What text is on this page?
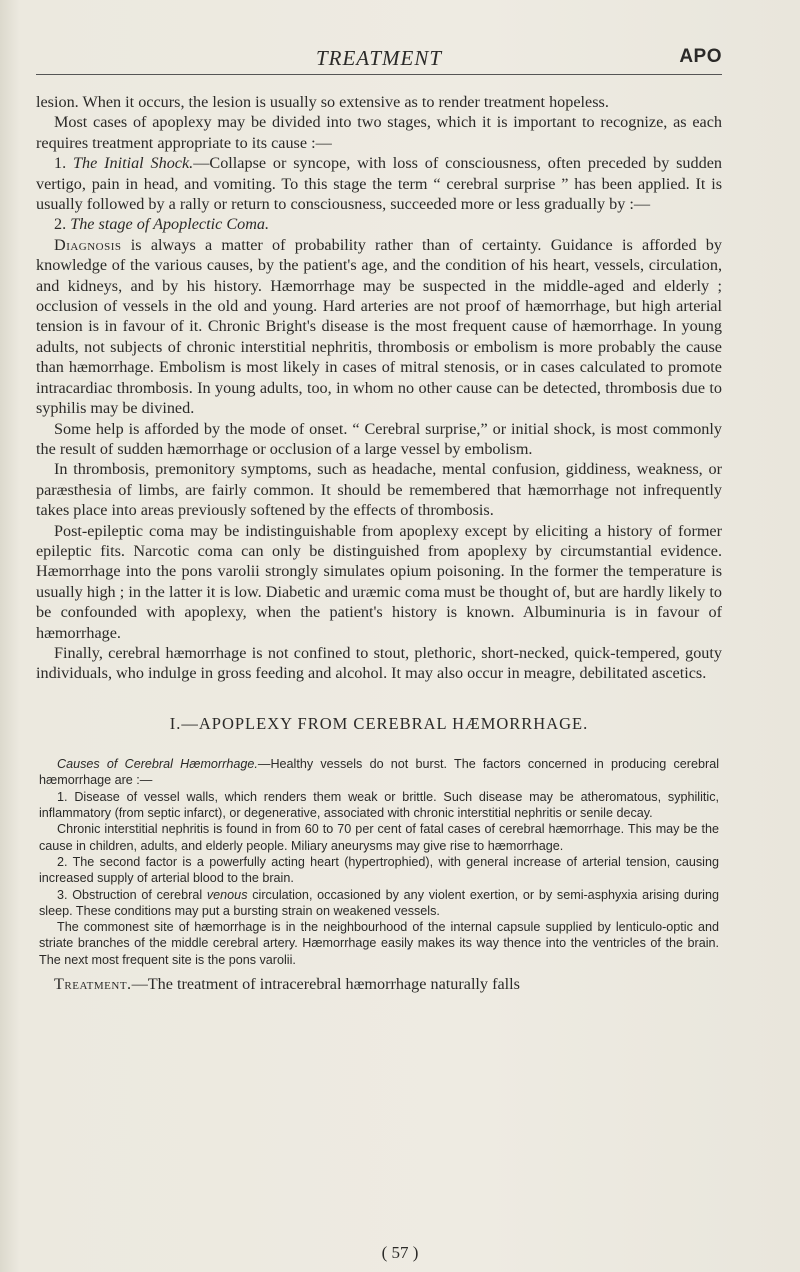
TREATMENT	APO

lesion. When it occurs, the lesion is usually so extensive as to render treatment hopeless.

Most cases of apoplexy may be divided into two stages, which it is important to recognize, as each requires treatment appropriate to its cause :—

1. The Initial Shock.—Collapse or syncope, with loss of consciousness, often preceded by sudden vertigo, pain in head, and vomiting. To this stage the term “ cerebral surprise ” has been applied. It is usually followed by a rally or return to consciousness, succeeded more or less gradually by :—

2. The stage of Apoplectic Coma.

Diagnosis is always a matter of probability rather than of certainty. Guidance is afforded by knowledge of the various causes, by the patient's age, and the condition of his heart, vessels, circulation, and kidneys, and by his history. Hæmorrhage may be suspected in the middle-aged and elderly ; occlusion of vessels in the old and young. Hard arteries are not proof of hæmorrhage, but high arterial tension is in favour of it. Chronic Bright's disease is the most frequent cause of hæmorrhage. In young adults, not subjects of chronic interstitial nephritis, thrombosis or embolism is more probably the cause than hæmorrhage. Embolism is most likely in cases of mitral stenosis, or in cases calculated to promote intracardiac thrombosis. In young adults, too, in whom no other cause can be detected, thrombosis due to syphilis may be divined.

Some help is afforded by the mode of onset. “ Cerebral surprise,” or initial shock, is most commonly the result of sudden hæmorrhage or occlusion of a large vessel by embolism.

In thrombosis, premonitory symptoms, such as headache, mental confusion, giddiness, weakness, or paræsthesia of limbs, are fairly common. It should be remembered that hæmorrhage not infrequently takes place into areas previously softened by the effects of thrombosis.

Post-epileptic coma may be indistinguishable from apoplexy except by eliciting a history of former epileptic fits. Narcotic coma can only be distinguished from apoplexy by circumstantial evidence. Hæmorrhage into the pons varolii strongly simulates opium poisoning. In the former the temperature is usually high ; in the latter it is low. Diabetic and uræmic coma must be thought of, but are hardly likely to be confounded with apoplexy, when the patient's history is known. Albuminuria is in favour of hæmorrhage.

Finally, cerebral hæmorrhage is not confined to stout, plethoric, short-necked, quick-tempered, gouty individuals, who indulge in gross feeding and alcohol. It may also occur in meagre, debilitated ascetics.

I.—APOPLEXY FROM CEREBRAL HÆMORRHAGE.

Causes of Cerebral Hæmorrhage.—Healthy vessels do not burst. The factors concerned in producing cerebral hæmorrhage are :—

1. Disease of vessel walls, which renders them weak or brittle. Such disease may be atheromatous, syphilitic, inflammatory (from septic infarct), or degenerative, associated with chronic interstitial nephritis or senile decay.

Chronic interstitial nephritis is found in from 60 to 70 per cent of fatal cases of cerebral hæmorrhage. This may be the cause in children, adults, and elderly people. Miliary aneurysms may give rise to hæmorrhage.

2. The second factor is a powerfully acting heart (hypertrophied), with general increase of arterial tension, causing increased supply of arterial blood to the brain.

3. Obstruction of cerebral venous circulation, occasioned by any violent exertion, or by semi-asphyxia arising during sleep. These conditions may put a bursting strain on weakened vessels.

The commonest site of hæmorrhage is in the neighbourhood of the internal capsule supplied by lenticulo-optic and striate branches of the middle cerebral artery. Hæmorrhage easily makes its way thence into the ventricles of the brain. The next most frequent site is the pons varolii.

Treatment.—The treatment of intracerebral hæmorrhage naturally falls

( 57 )
